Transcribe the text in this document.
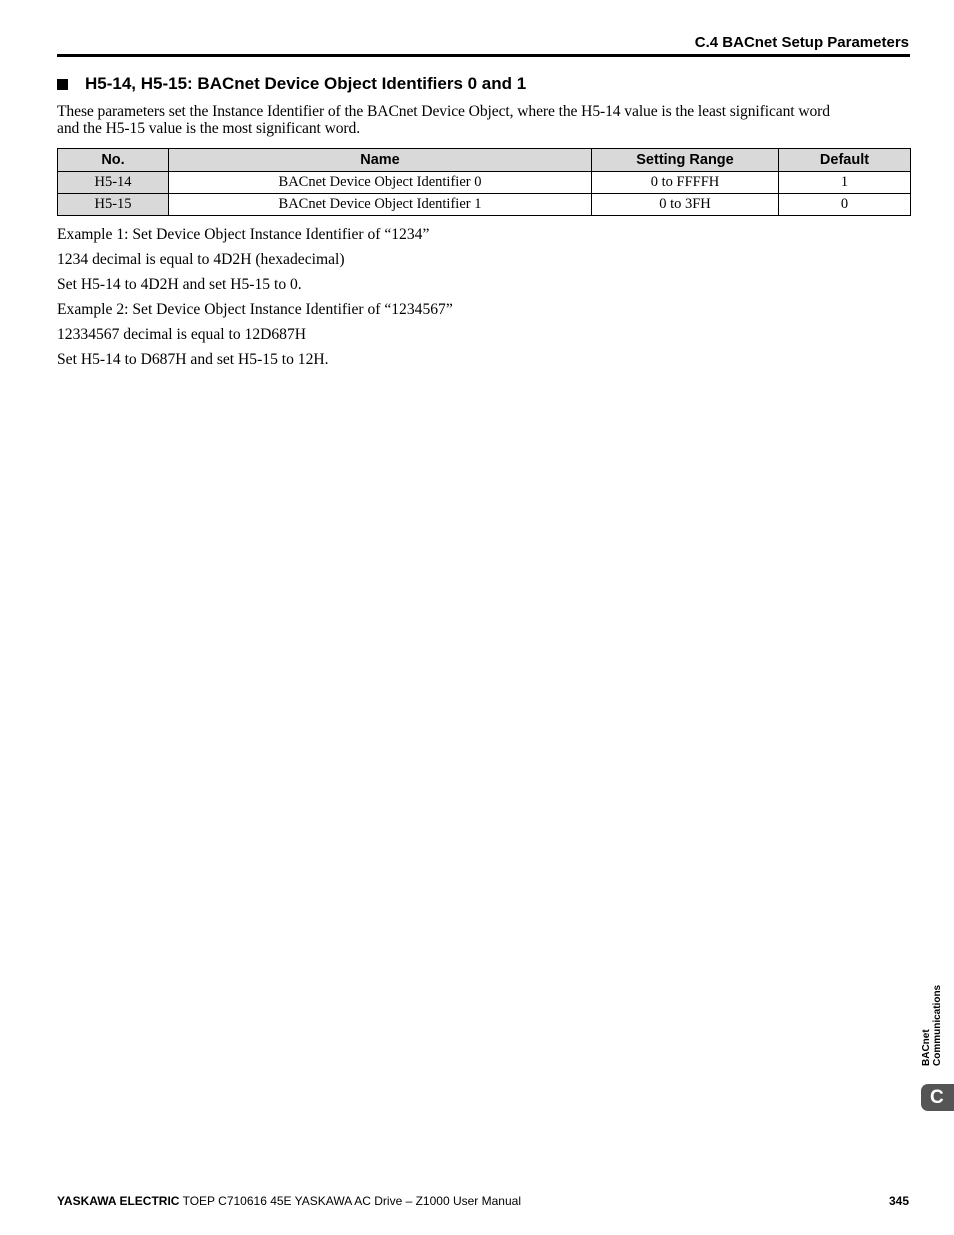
C.4 BACnet Setup Parameters
H5-14, H5-15: BACnet Device Object Identifiers 0 and 1
These parameters set the Instance Identifier of the BACnet Device Object, where the H5-14 value is the least significant word
and the H5-15 value is the most significant word.
No.	Name	Setting Range	Default
H5-14	BACnet Device Object Identifier 0	0 to FFFFH	1
H5-15	BACnet Device Object Identifier 1	0 to 3FH	0

Example 1: Set Device Object Instance Identifier of “1234”

1234 decimal is equal to 4D2H (hexadecimal)

Set H5-14 to 4D2H and set H5-15 to 0.

Example 2: Set Device Object Instance Identifier of “1234567”

12334567 decimal is equal to 12D687H

Set H5-14 to D687H and set H5-15 to 12H.

BACnet Communications
C
YASKAWA ELECTRIC TOEP C710616 45E YASKAWA AC Drive – Z1000 User Manual	345
